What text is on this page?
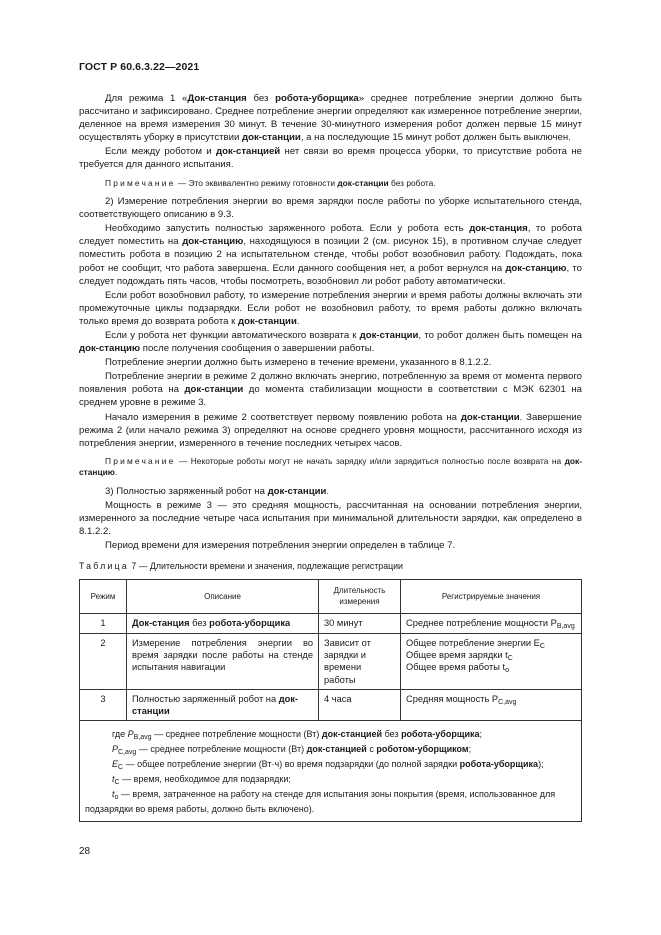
ГОСТ Р 60.6.3.22—2021

Для режима 1 «Док-станция без робота-уборщика» среднее потребление энергии должно быть рассчитано и зафиксировано. Среднее потребление энергии определяют как измеренное потребление энергии, деленное на время измерения 30 минут. В течение 30-минутного измерения робот должен первые 15 минут осуществлять уборку в присутствии док-станции, а на последующие 15 минут робот должен быть выключен.

Если между роботом и док-станцией нет связи во время процесса уборки, то присутствие робота не требуется для данного испытания.

Примечание — Это эквивалентно режиму готовности док-станции без робота.

2) Измерение потребления энергии во время зарядки после работы по уборке испытательного стенда, соответствующего описанию в 9.3.

Необходимо запустить полностью заряженного робота. Если у робота есть док-станция, то робота следует поместить на док-станцию, находящуюся в позиции 2 (см. рисунок 15), в противном случае следует поместить робота в позицию 2 на испытательном стенде, чтобы робот возобновил работу. Подождать, пока робот не сообщит, что работа завершена. Если данного сообщения нет, а робот вернулся на док-станцию, то следует подождать пять часов, чтобы посмотреть, возобновил ли робот работу автоматически.

Если робот возобновил работу, то измерение потребления энергии и время работы должны включать эти промежуточные циклы подзарядки. Если робот не возобновил работу, то время работы должно включать только время до возврата робота к док-станции.

Если у робота нет функции автоматического возврата к док-станции, то робот должен быть помещен на док-станцию после получения сообщения о завершении работы.

Потребление энергии должно быть измерено в течение времени, указанного в 8.1.2.2.

Потребление энергии в режиме 2 должно включать энергию, потребленную за время от момента первого появления робота на док-станции до момента стабилизации мощности в соответствии с МЭК 62301 на среднем уровне в режиме 3.

Начало измерения в режиме 2 соответствует первому появлению робота на док-станции. Завершение режима 2 (или начало режима 3) определяют на основе среднего уровня мощности, рассчитанного исходя из потребления энергии, измеренного в течение последних четырех часов.

Примечание — Некоторые роботы могут не начать зарядку и/или зарядиться полностью после возврата на док-станцию.

3) Полностью заряженный робот на док-станции.

Мощность в режиме 3 — это средняя мощность, рассчитанная на основании потребления энергии, измеренного за последние четыре часа испытания при минимальной длительности зарядки, как определено в 8.1.2.2.

Период времени для измерения потребления энергии определен в таблице 7.

Таблица 7 — Длительности времени и значения, подлежащие регистрации
Режим	Описание	Длительность измерения	Регистрируемые значения
1	Док-станция без робота-уборщика	30 минут	Среднее потребление мощности $P_{B,avg}$
2	Измерение потребления энергии во время зарядки после работы на стенде испытания навигации	Зависит от зарядки и времени работы	Общее потребление энергии $E_C$
Общее время зарядки $t_C$
Общее время работы $t_o$

3	Полностью заряженный робот на док-станции	4 часа	Средняя мощность $P_{C,avg}$

где $P_{B,avg}$ — среднее потребление мощности (Вт) док-станцией без робота-уборщика;
$P_{C,avg}$ — среднее потребление мощности (Вт) док-станцией с роботом-уборщиком;
$E_C$ — общее потребление энергии (Вт·ч) во время подзарядки (до полной зарядки робота-уборщика);
$t_C$ — время, необходимое для подзарядки;
$t_o$ — время, затраченное на работу на стенде для испытания зоны покрытия (время, использованное для подзарядки во время работы, должно быть включено).			
28
